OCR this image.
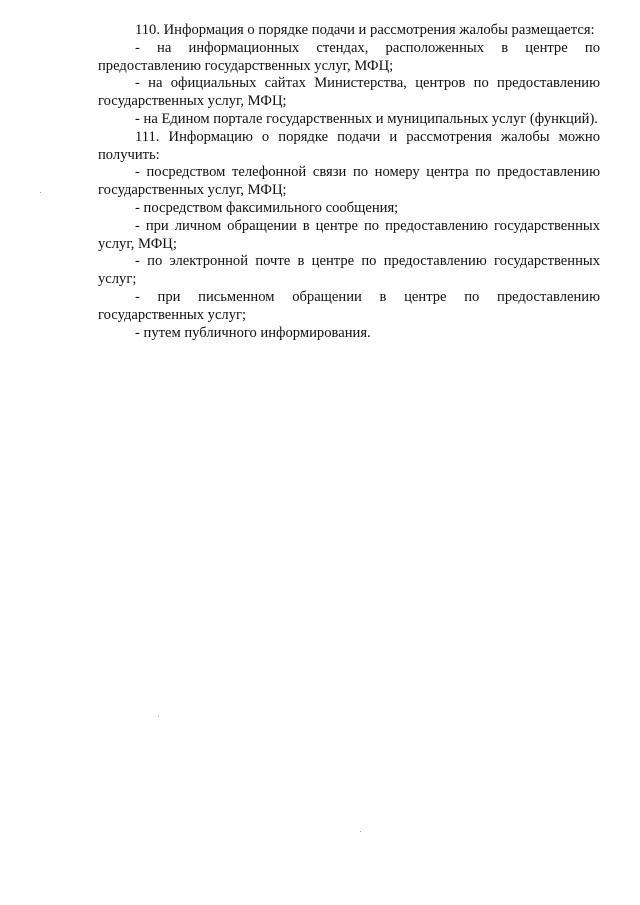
110. Информация о порядке подачи и рассмотрения жалобы размещается:

- на информационных стендах, расположенных в центре по предоставлению государственных услуг, МФЦ;

- на официальных сайтах Министерства, центров по предоставлению государственных услуг, МФЦ;

- на Едином портале государственных и муниципальных услуг (функций).

111. Информацию о порядке подачи и рассмотрения жалобы можно получить:

- посредством телефонной связи по номеру центра по предоставлению государственных услуг, МФЦ;

- посредством факсимильного сообщения;

- при личном обращении в центре по предоставлению государственных услуг, МФЦ;

- по электронной почте в центре по предоставлению государственных услуг;

- при письменном обращении в центре по предоставлению государственных услуг;

- путем публичного информирования.
